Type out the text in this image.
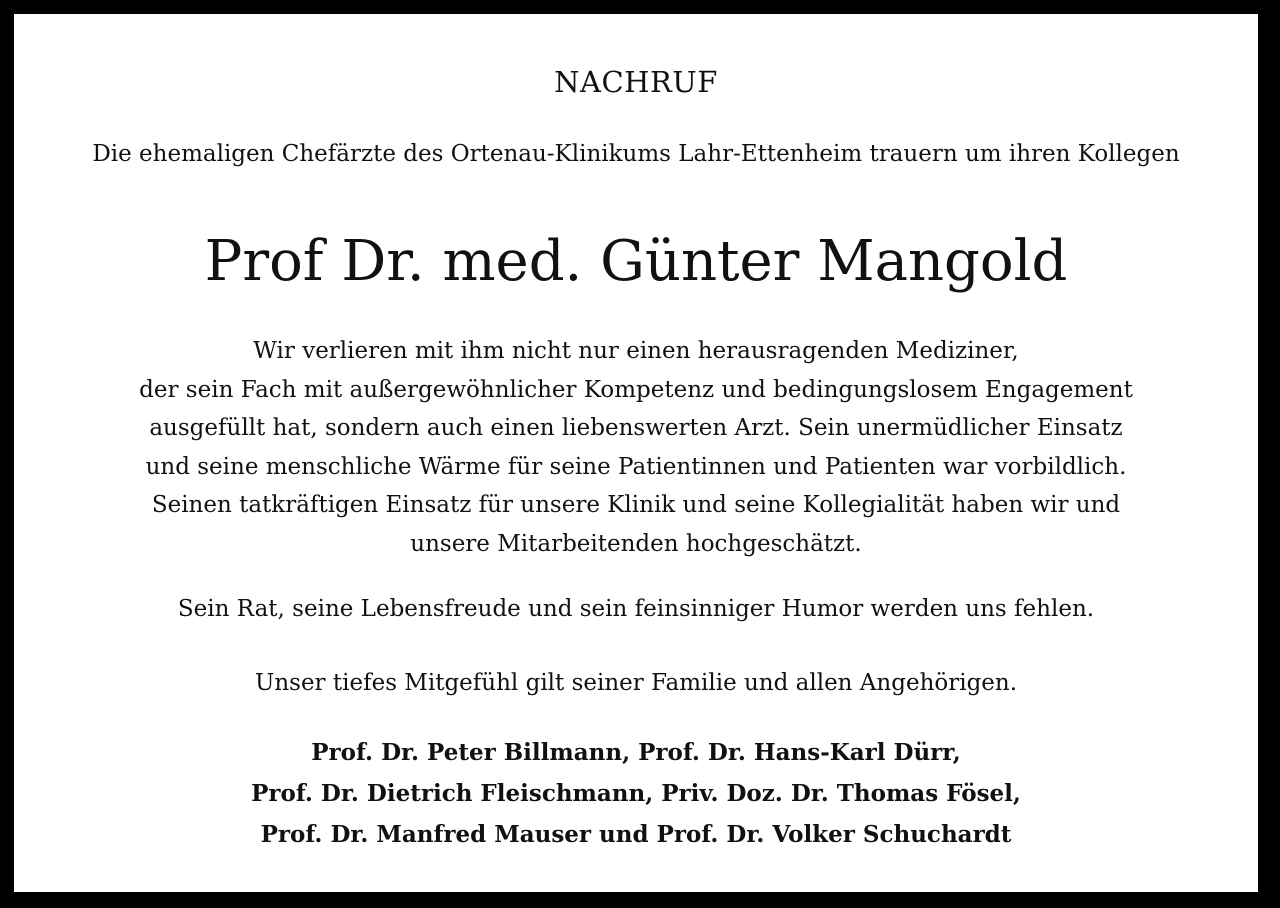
NACHRUF
Die ehemaligen Chefärzte des Ortenau-Klinikums Lahr-Ettenheim trauern um ihren Kollegen
Prof Dr. med. Günter Mangold
Wir verlieren mit ihm nicht nur einen herausragenden Mediziner,
der sein Fach mit außergewöhnlicher Kompetenz und bedingungslosem Engagement
ausgefüllt hat, sondern auch einen liebenswerten Arzt. Sein unermüdlicher Einsatz
und seine menschliche Wärme für seine Patientinnen und Patienten war vorbildlich.
Seinen tatkräftigen Einsatz für unsere Klinik und seine Kollegialität haben wir und
unsere Mitarbeitenden hochgeschätzt.
Sein Rat, seine Lebensfreude und sein feinsinniger Humor werden uns fehlen.
Unser tiefes Mitgefühl gilt seiner Familie und allen Angehörigen.
Prof. Dr. Peter Billmann, Prof. Dr. Hans-Karl Dürr,
Prof. Dr. Dietrich Fleischmann, Priv. Doz. Dr. Thomas Fösel,
Prof. Dr. Manfred Mauser und Prof. Dr. Volker Schuchardt
